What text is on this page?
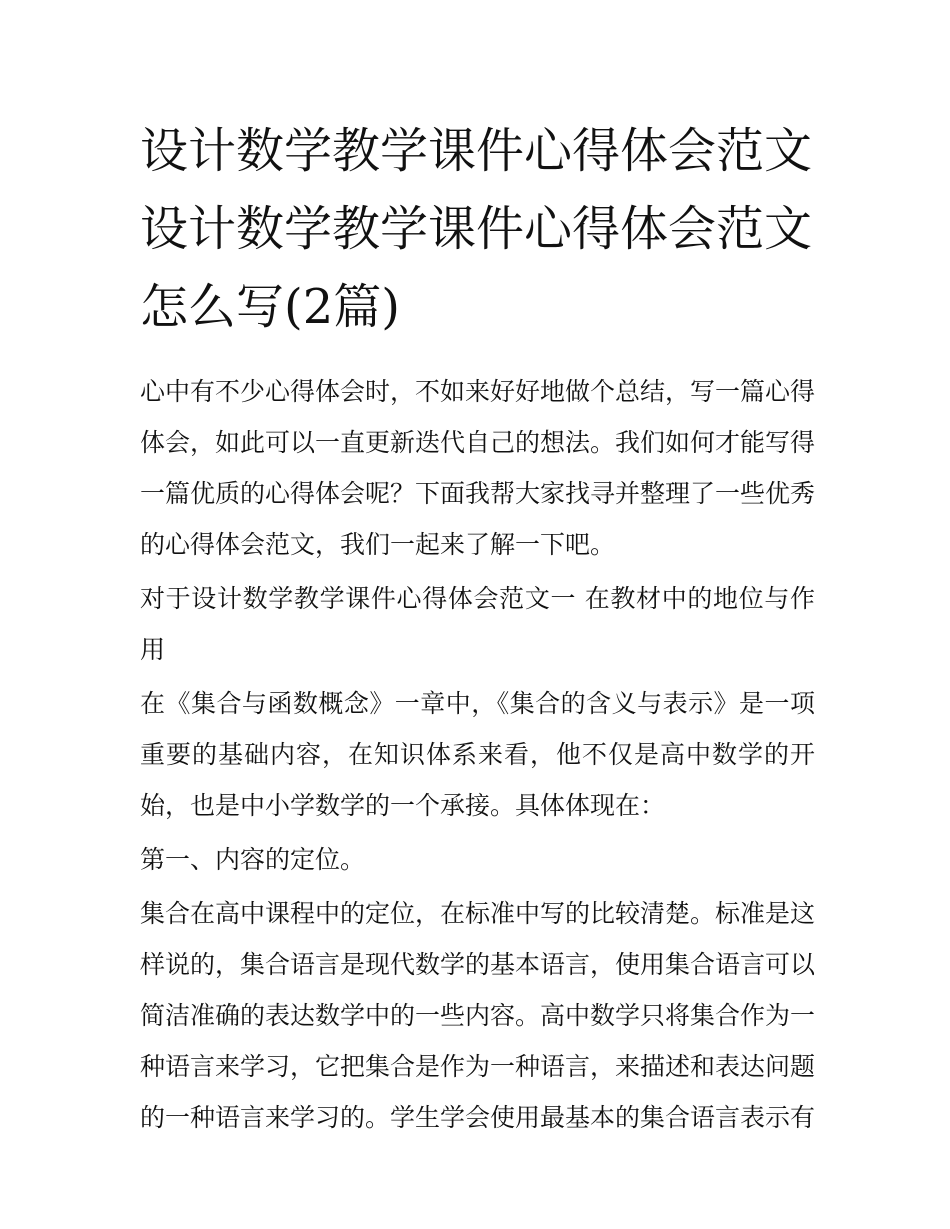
设计数学教学课件心得体会范文 设计数学教学课件心得体会范文怎么写(2篇)

心中有不少心得体会时，不如来好好地做个总结，写一篇心得体会，如此可以一直更新迭代自己的想法。我们如何才能写得一篇优质的心得体会呢？下面我帮大家找寻并整理了一些优秀的心得体会范文，我们一起来了解一下吧。

对于设计数学教学课件心得体会范文一 在教材中的地位与作用

在《集合与函数概念》一章中，《集合的含义与表示》是一项重要的基础内容，在知识体系来看，他不仅是高中数学的开始，也是中小学数学的一个承接。具体体现在：

第一、内容的定位。

集合在高中课程中的定位，在标准中写的比较清楚。标准是这样说的，集合语言是现代数学的基本语言，使用集合语言可以简洁准确的表达数学中的一些内容。高中数学只将集合作为一种语言来学习，它把集合是作为一种语言，来描述和表达问题的一种语言来学习的。学生学会使用最基本的集合语言表示有
